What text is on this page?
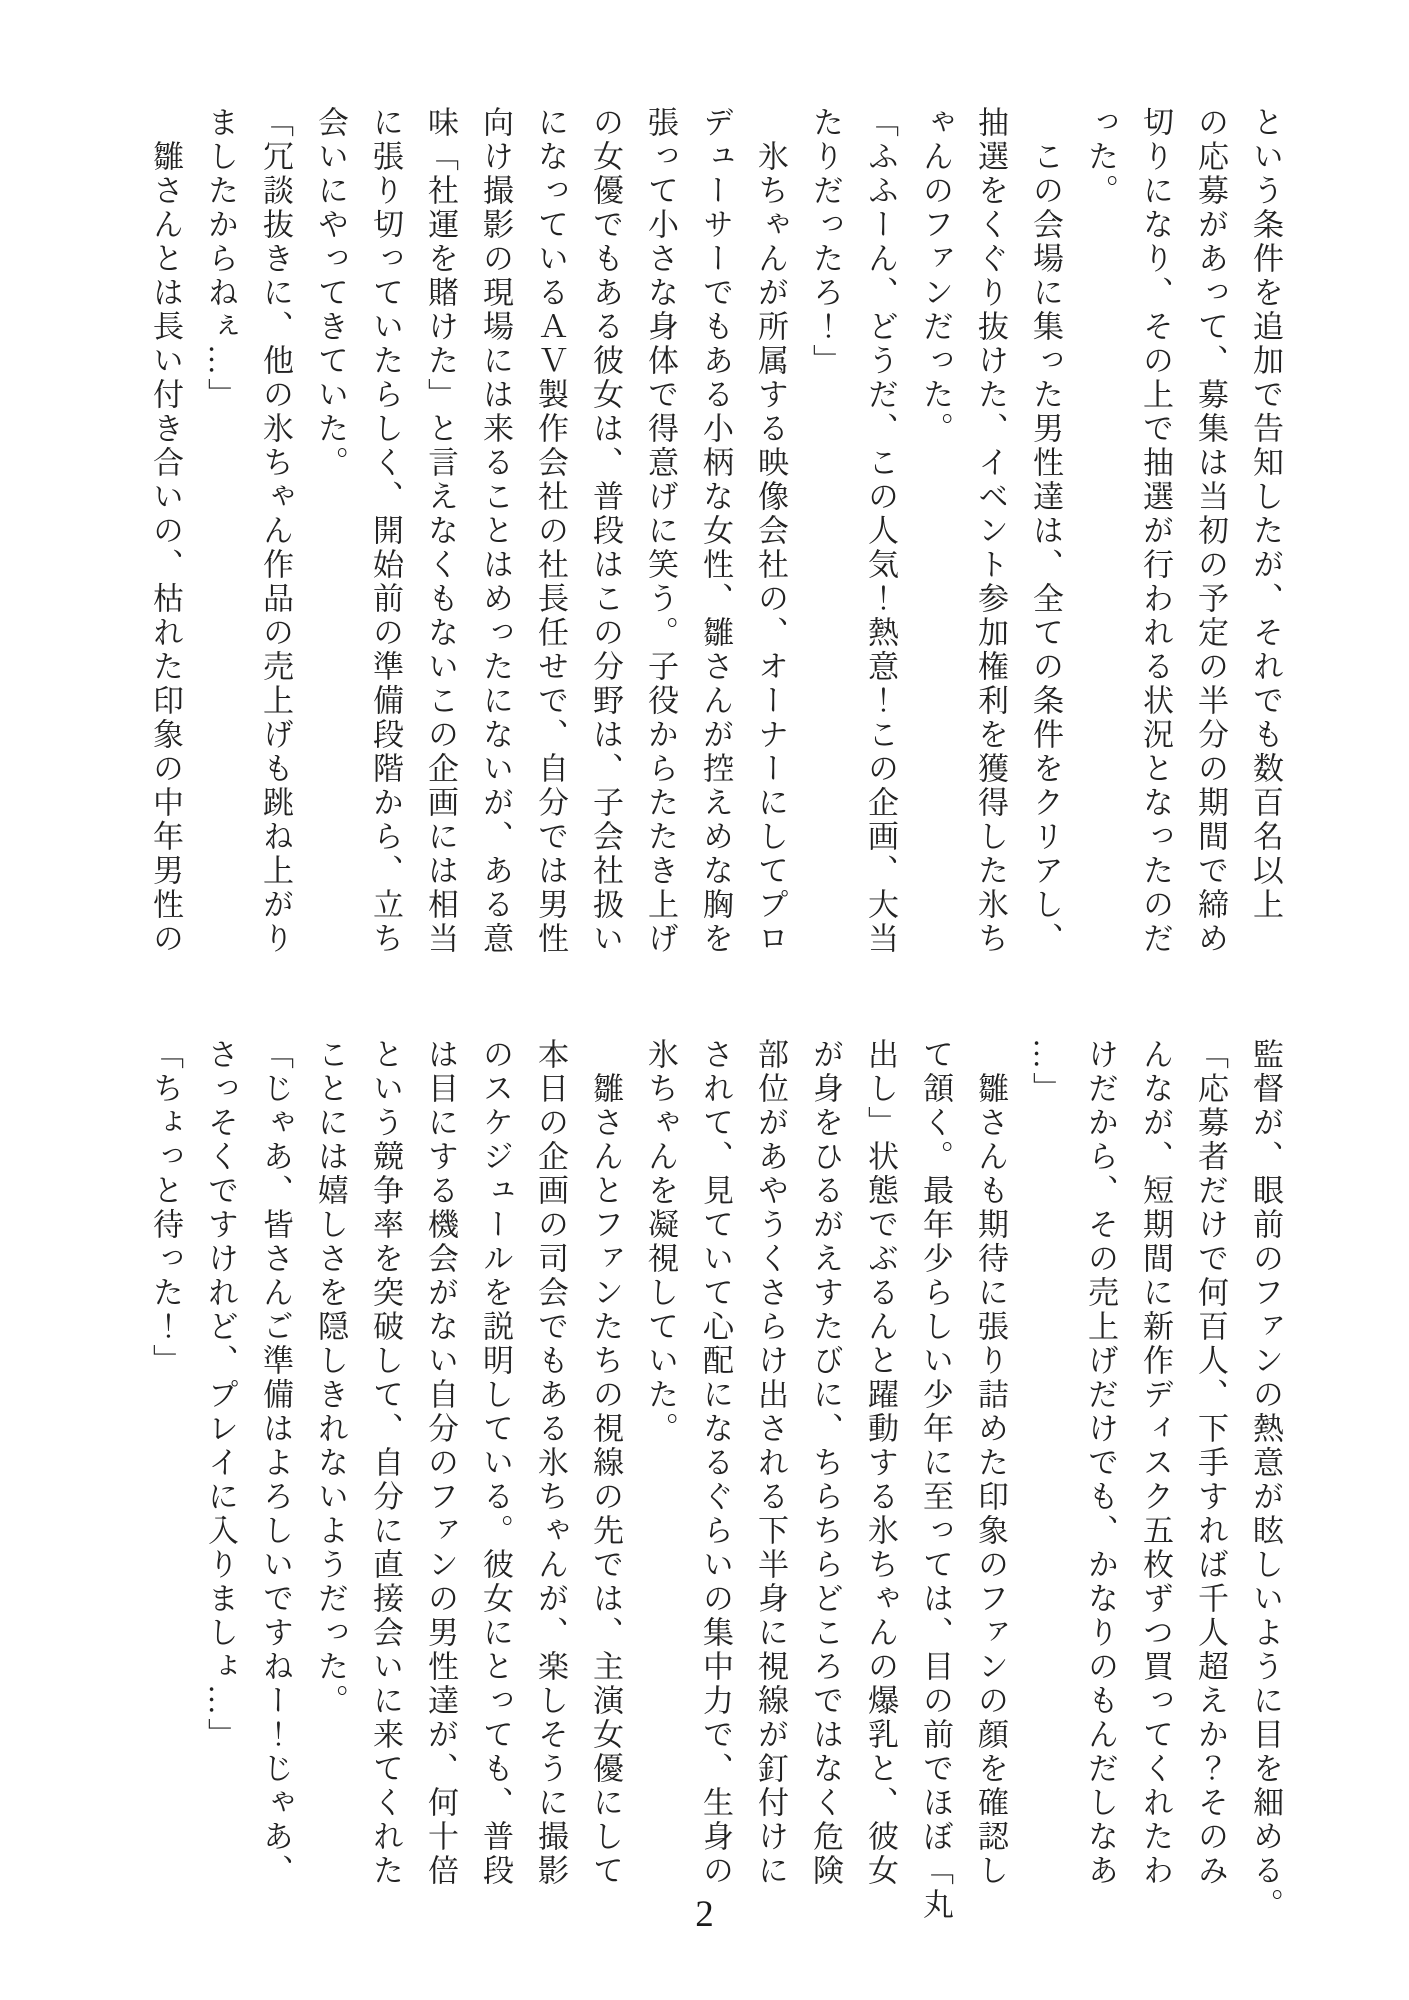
という条件を追加で告知したが、それでも数百名以上

の応募があって、募集は当初の予定の半分の期間で締め

切りになり、その上で抽選が行われる状況となったのだ

った。

　この会場に集った男性達は、全ての条件をクリアし、

抽選をくぐり抜けた、イベント参加権利を獲得した氷ち

ゃんのファンだった。

「ふふーん、どうだ、この人気！熱意！この企画、大当

たりだったろ！」

　氷ちゃんが所属する映像会社の、オーナーにしてプロ

デューサーでもある小柄な女性、雛さんが控えめな胸を

張って小さな身体で得意げに笑う。子役からたたき上げ

の女優でもある彼女は、普段はこの分野は、子会社扱い

になっているＡＶ製作会社の社長任せで、自分では男性

向け撮影の現場には来ることはめったにないが、ある意

味「社運を賭けた」と言えなくもないこの企画には相当

に張り切っていたらしく、開始前の準備段階から、立ち

会いにやってきていた。

「冗談抜きに、他の氷ちゃん作品の売上げも跳ね上がり

ましたからねぇ…」

　雛さんとは長い付き合いの、枯れた印象の中年男性の

監督が、眼前のファンの熱意が眩しいように目を細める。

「応募者だけで何百人、下手すれば千人超えか？そのみ

んなが、短期間に新作ディスク五枚ずつ買ってくれたわ

けだから、その売上げだけでも、かなりのもんだしなあ

…」

　雛さんも期待に張り詰めた印象のファンの顔を確認し

て頷く。最年少らしい少年に至っては、目の前でほぼ「丸

出し」状態でぶるんと躍動する氷ちゃんの爆乳と、彼女

が身をひるがえすたびに、ちらちらどころではなく危険

部位があやうくさらけ出される下半身に視線が釘付けに

されて、見ていて心配になるぐらいの集中力で、生身の

氷ちゃんを凝視していた。

　雛さんとファンたちの視線の先では、主演女優にして

本日の企画の司会でもある氷ちゃんが、楽しそうに撮影

のスケジュールを説明している。彼女にとっても、普段

は目にする機会がない自分のファンの男性達が、何十倍

という競争率を突破して、自分に直接会いに来てくれた

ことには嬉しさを隠しきれないようだった。

「じゃあ、皆さんご準備はよろしいですねー！じゃあ、

さっそくですけれど、プレイに入りましょ…」

「ちょっと待った！」

2
